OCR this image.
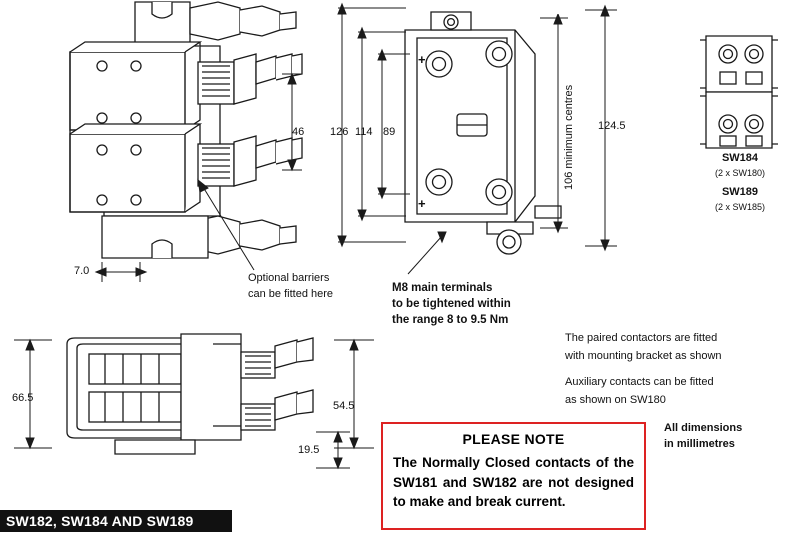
46
7.0
Optional barriers
can be fitted here
+
+
126 114 89	106 minimum centres 124.5
M8 main terminals
to be tightened within
the range 8 to 9.5 Nm
SW184
(2 x SW180)
SW189
(2 x SW185)
66.5
54.5
19.5
The paired contactors are fitted
with mounting bracket as shown
Auxiliary contacts can be fitted
as shown on SW180
All dimensions
in millimetres
PLEASE NOTE
The Normally Closed contacts of the SW181 and SW182 are not designed to make and break current.
SW182, SW184 AND SW189
